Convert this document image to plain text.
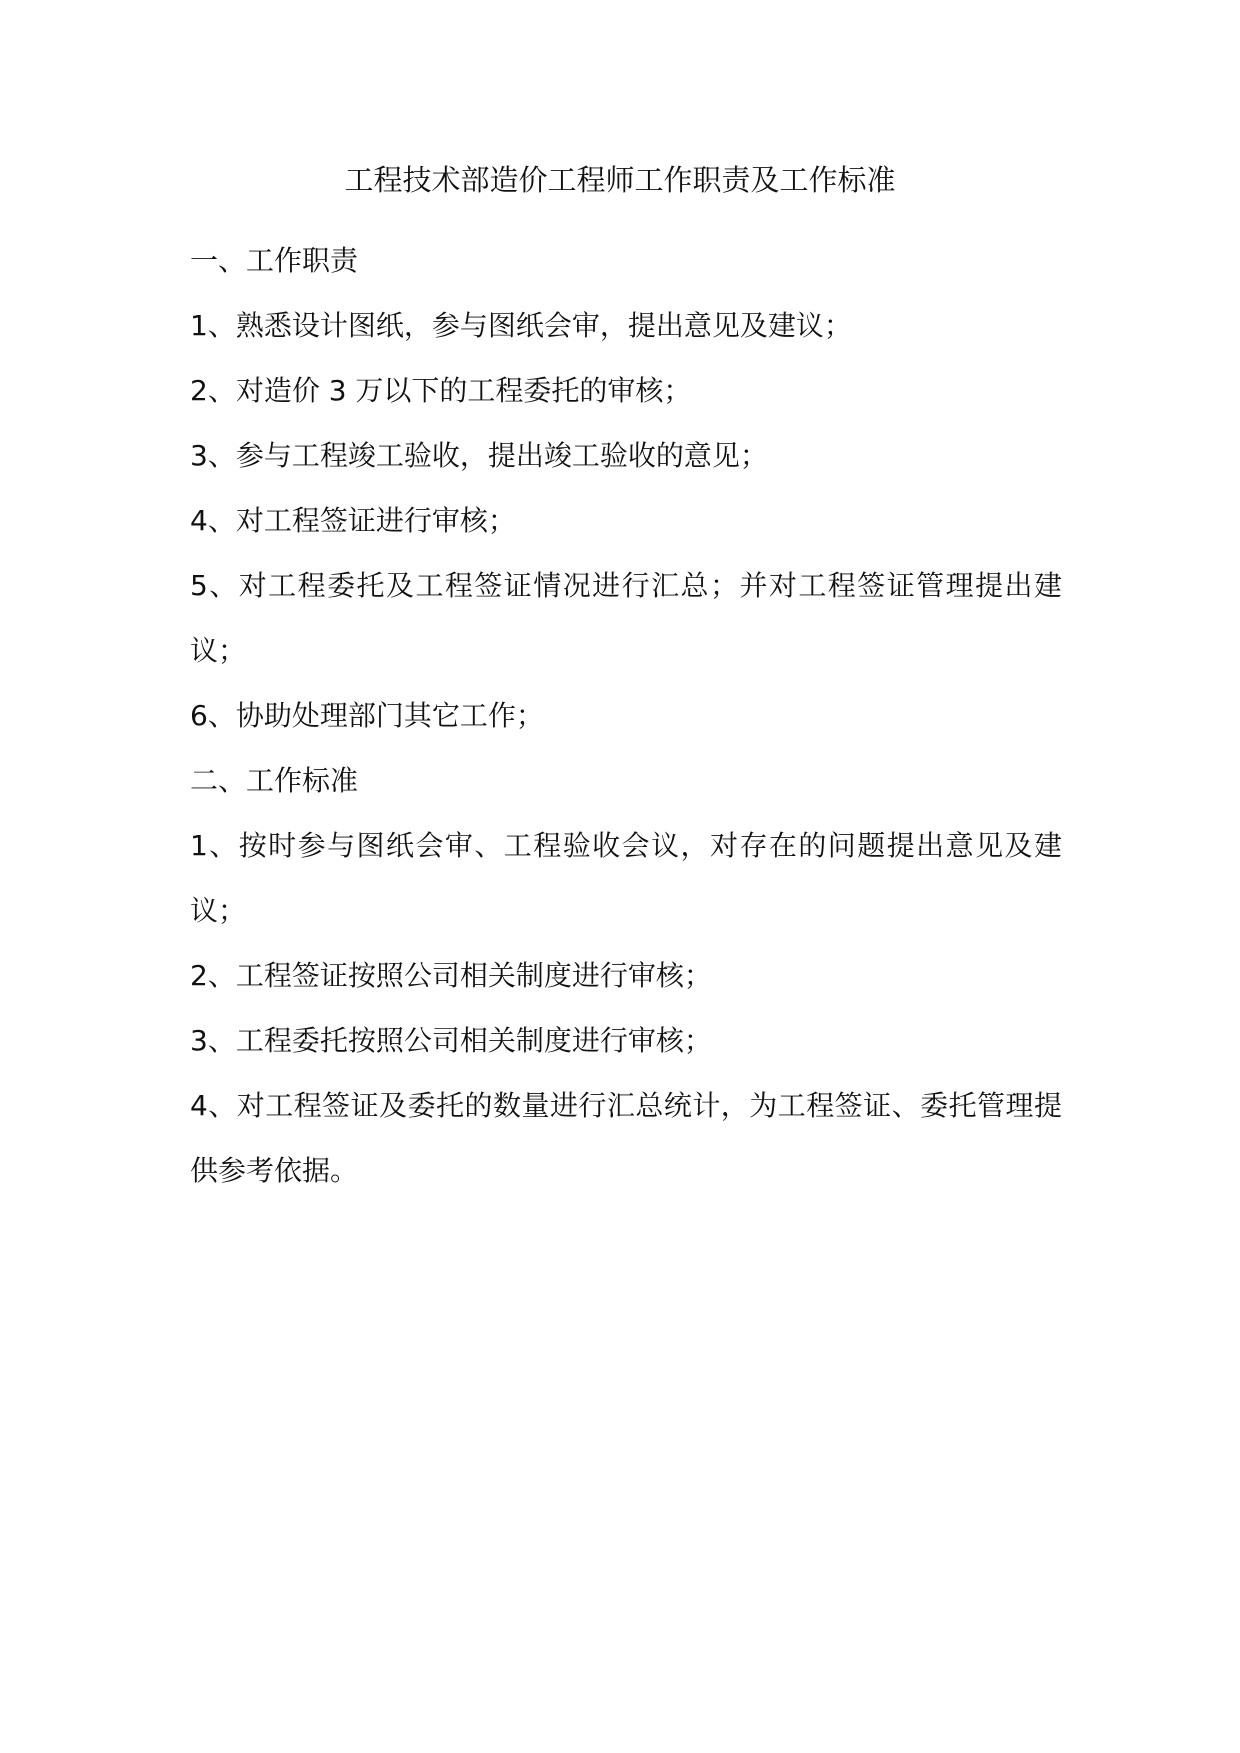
工程技术部造价工程师工作职责及工作标准

一、工作职责

1、熟悉设计图纸，参与图纸会审，提出意见及建议；

2、对造价 3 万以下的工程委托的审核；

3、参与工程竣工验收，提出竣工验收的意见；

4、对工程签证进行审核；

5、对工程委托及工程签证情况进行汇总；并对工程签证管理提出建议；

6、协助处理部门其它工作；

二、工作标准

1、按时参与图纸会审、工程验收会议，对存在的问题提出意见及建议；

2、工程签证按照公司相关制度进行审核；

3、工程委托按照公司相关制度进行审核；

4、对工程签证及委托的数量进行汇总统计，为工程签证、委托管理提供参考依据。
